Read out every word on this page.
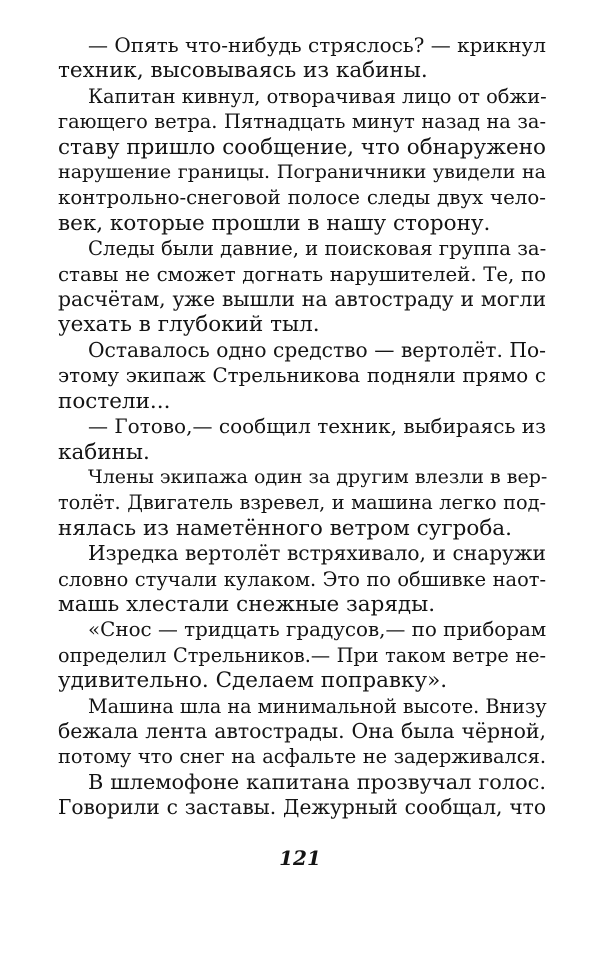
— Опять что-нибудь стряслось? — крикнул
техник, высовываясь из кабины.

Капитан кивнул, отворачивая лицо от обжи-
гающего ветра. Пятнадцать минут назад на за-
ставу пришло сообщение, что обнаружено
нарушение границы. Пограничники увидели на
контрольно-снеговой полосе следы двух чело-
век, которые прошли в нашу сторону.

Следы были давние, и поисковая группа за-
ставы не сможет догнать нарушителей. Те, по
расчётам, уже вышли на автостраду и могли
уехать в глубокий тыл.

Оставалось одно средство — вертолёт. По-
этому экипаж Стрельникова подняли прямо с
постели...

— Готово,— сообщил техник, выбираясь из
кабины.

Члены экипажа один за другим влезли в вер-
толёт. Двигатель взревел, и машина легко под-
нялась из наметённого ветром сугроба.

Изредка вертолёт встряхивало, и снаружи
словно стучали кулаком. Это по обшивке наот-
машь хлестали снежные заряды.

«Снос — тридцать градусов,— по приборам
определил Стрельников.— При таком ветре не-
удивительно. Сделаем поправку».

Машина шла на минимальной высоте. Внизу
бежала лента автострады. Она была чёрной,
потому что снег на асфальте не задерживался.

В шлемофоне капитана прозвучал голос.
Говорили с заставы. Дежурный сообщал, что

121
